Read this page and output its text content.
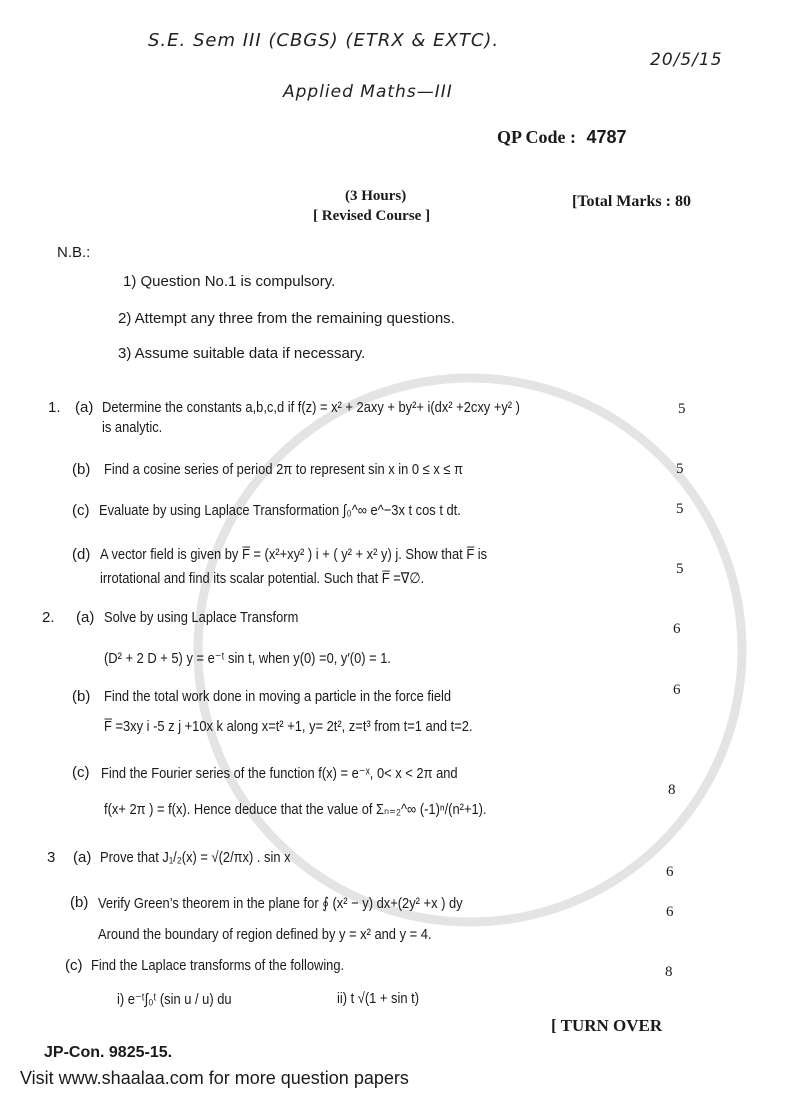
S.E. Sem III (CBGS) (ETRX & EXTC).
20/5/15
Applied Maths—III
QP Code : 4787
(3 Hours)
[ Revised Course ]
[Total Marks : 80
N.B.:
1) Question No.1 is compulsory.
2) Attempt any three from the remaining questions.
3) Assume suitable data if necessary.
1. (a) Determine the constants a,b,c,d if f(z) = x² + 2axy + by²+ i(dx² +2cxy +y² )
is analytic.
5
(b) Find a cosine series of period 2π to represent sin x in 0 ≤ x ≤ π	5
(c) Evaluate by using Laplace Transformation ∫₀^∞ e^−3x t cos t dt.	5
(d) A vector field is given by F̅ = (x²+xy² ) i + ( y² + x² y) j. Show that F̅ is
irrotational and find its scalar potential. Such that F̅ =∇∅.
5
2. (a) Solve by using Laplace Transform
(D² + 2 D + 5) y = e⁻ᵗ sin t, when y(0) =0, y′(0) = 1.
6
(b) Find the total work done in moving a particle in the force field
F̅ =3xy i -5 z j +10x k along x=t² +1, y= 2t², z=t³ from t=1 and t=2.
6
(c) Find the Fourier series of the function f(x) = e⁻ˣ, 0< x < 2π and
f(x+ 2π ) = f(x). Hence deduce that the value of Σₙ₌₂^∞ (-1)ⁿ/(n²+1).
8
3 (a) Prove that J₁/₂(x) = √(2/πx) . sin x
6
(b) Verify Green’s theorem in the plane for ∮ (x² − y) dx+(2y² +x ) dy
Around the boundary of region defined by y = x² and y = 4.
6
(c) Find the Laplace transforms of the following.
i) e⁻ᵗ∫₀ᵗ (sin u / u) du	ii) t √(1 + sin t)
8
[ TURN OVER
JP-Con. 9825-15.
Visit www.shaalaa.com for more question papers
